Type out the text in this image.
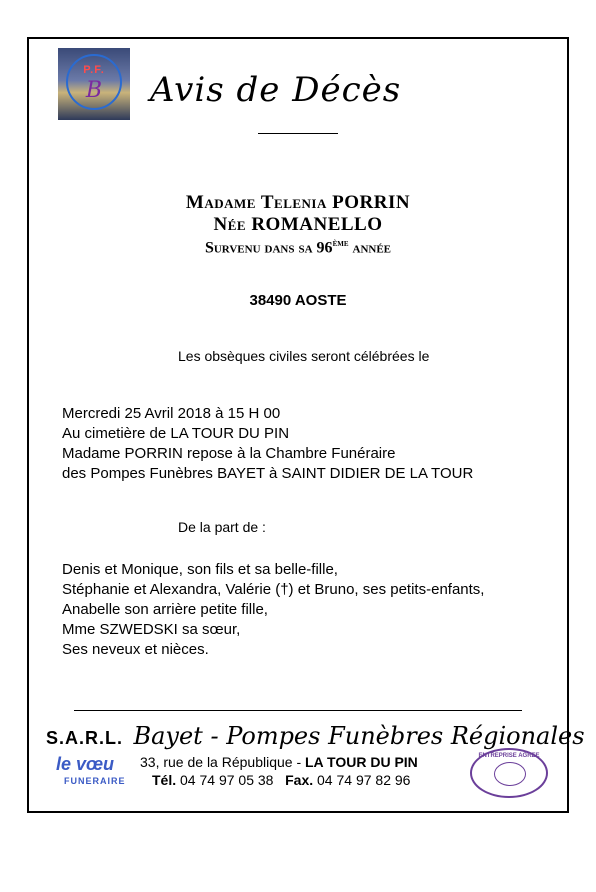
P.F.
B	Avis de Décès
Madame Telenia PORRIN
Née ROMANELLO
Survenu dans sa 96ème année
38490 AOSTE
Les obsèques civiles seront célébrées le
Mercredi 25 Avril 2018 à 15 H 00
Au cimetière de LA TOUR DU PIN
Madame PORRIN repose à la Chambre Funéraire
des Pompes Funèbres BAYET à SAINT DIDIER DE LA TOUR
De la part de :
Denis et Monique, son fils et sa belle-fille,
Stéphanie et Alexandra, Valérie (†) et Bruno, ses petits-enfants,
Anabelle son arrière petite fille,
Mme SZWEDSKI sa sœur,
Ses neveux et nièces.
S.A.R.L. Bayet - Pompes Funèbres Régionales
le vœu
FUNERAIRE
33, rue de la République - LA TOUR DU PIN
Tél. 04 74 97 05 38 Fax. 04 74 97 82 96
ENTREPRISE AGREE
